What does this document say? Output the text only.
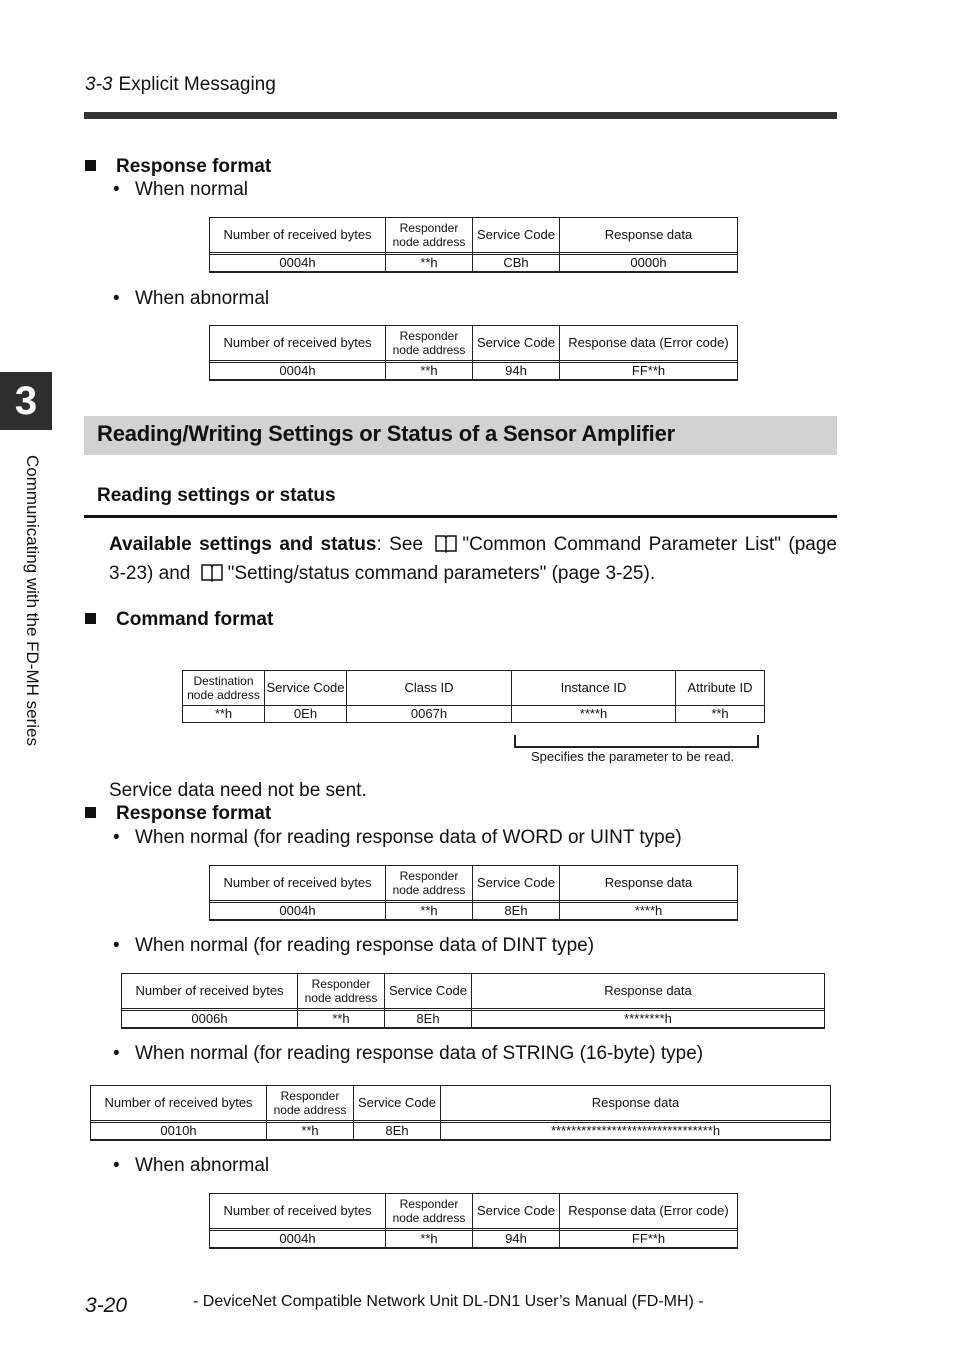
3-3 Explicit Messaging
3
Communicating with the FD-MH series
Response format
• When normal
Number of received bytes	Responder node address	Service Code	Response data

0004h	**h	CBh	0000h
• When abnormal
Number of received bytes	Responder node address	Service Code	Response data (Error code)

0004h	**h	94h	FF**h
Reading/Writing Settings or Status of a Sensor Amplifier
Reading settings or status
Available settings and status: See "Common Command Parameter List" (page 3-23) and "Setting/status command parameters" (page 3-25).
Command format
Destination node address	Service Code	Class ID	Instance ID	Attribute ID
**h	0Eh	0067h	****h	**h
Specifies the parameter to be read.
Service data need not be sent.
Response format
• When normal (for reading response data of WORD or UINT type)
Number of received bytes	Responder node address	Service Code	Response data

0004h	**h	8Eh	****h
• When normal (for reading response data of DINT type)
Number of received bytes	Responder node address	Service Code	Response data

0006h	**h	8Eh	********h
• When normal (for reading response data of STRING (16-byte) type)
Number of received bytes	Responder node address	Service Code	Response data

0010h	**h	8Eh	********************************h
• When abnormal
Number of received bytes	Responder node address	Service Code	Response data (Error code)

0004h	**h	94h	FF**h
3-20	- DeviceNet Compatible Network Unit DL-DN1 User’s Manual (FD-MH) -
